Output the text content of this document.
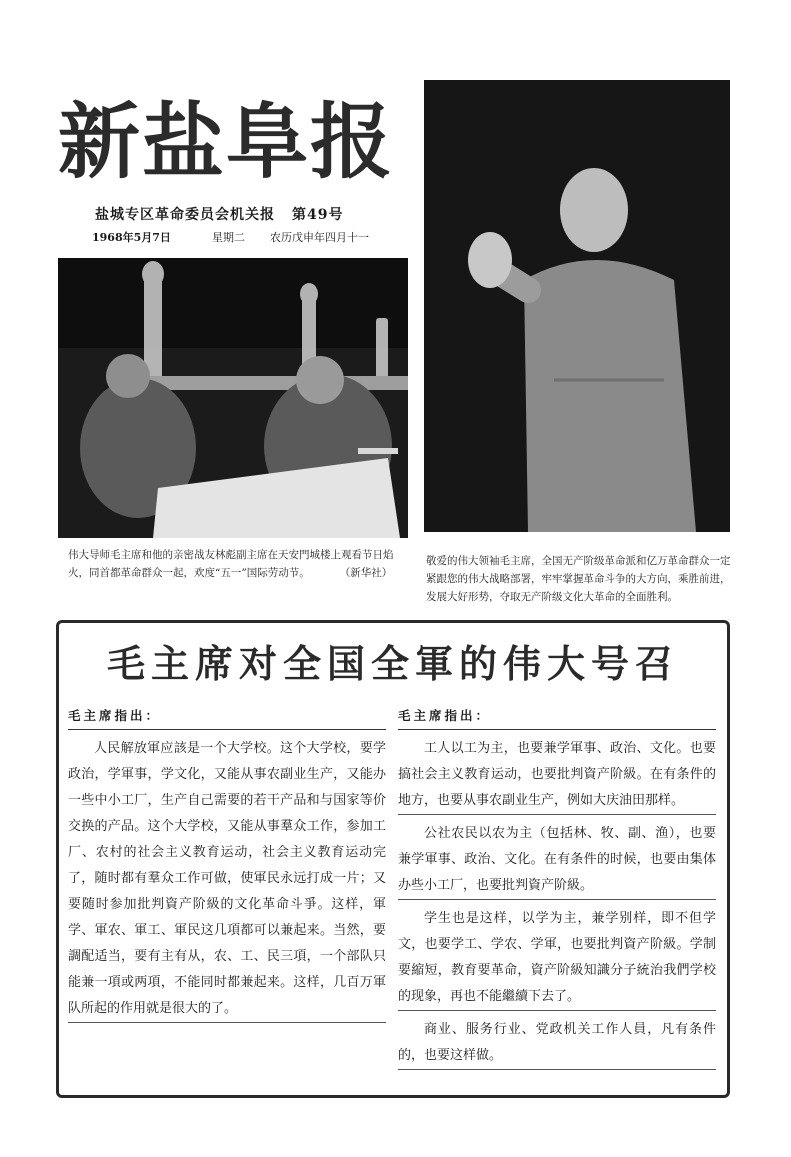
新盐阜报
盐城专区革命委员会机关报 第49号
1968年5月7日	星期二 农历戊申年四月十一
伟大导师毛主席和他的亲密战友林彪副主席在天安門城楼上观看节日焰火，同首都革命群众一起，欢度“五一”国际劳动节。	（新华社）
敬爱的伟大领袖毛主席，全国无产阶级革命派和亿万革命群众一定紧跟您的伟大战略部署，牢牢掌握革命斗争的大方向，乘胜前进，发展大好形势，夺取无产阶级文化大革命的全面胜利。
毛主席对全国全軍的伟大号召
毛主席指出：

人民解放軍应該是一个大学校。这个大学校，要学政治，学軍事，学文化，又能从事农副业生产，又能办一些中小工厂，生产自己需要的若干产品和与国家等价交换的产品。这个大学校，又能从事羣众工作，参加工厂、农村的社会主义教育运动，社会主义教育运动完了，随时都有羣众工作可做，使軍民永远打成一片；又要随时参加批判資产阶級的文化革命斗爭。这样，軍学、軍农、軍工、軍民这几項都可以兼起来。当然，要調配适当，要有主有从，农、工、民三項，一个部队只能兼一項或两項，不能同时都兼起来。这样，几百万軍队所起的作用就是很大的了。

毛主席指出：

工人以工为主，也要兼学軍事、政治、文化。也要搞社会主义教育运动，也要批判資产阶級。在有条件的地方，也要从事农副业生产，例如大庆油田那样。

公社农民以农为主（包括林、牧、副、渔），也要兼学軍事、政治、文化。在有条件的时候，也要由集体办些小工厂，也要批判資产阶級。

学生也是这样，以学为主，兼学别样，即不但学文，也要学工、学农、学軍，也要批判資产阶級。学制要縮短，教育要革命，資产阶級知識分子統治我們学校的现象，再也不能繼續下去了。

商业、服务行业、党政机关工作人員，凡有条件的，也要这样做。
